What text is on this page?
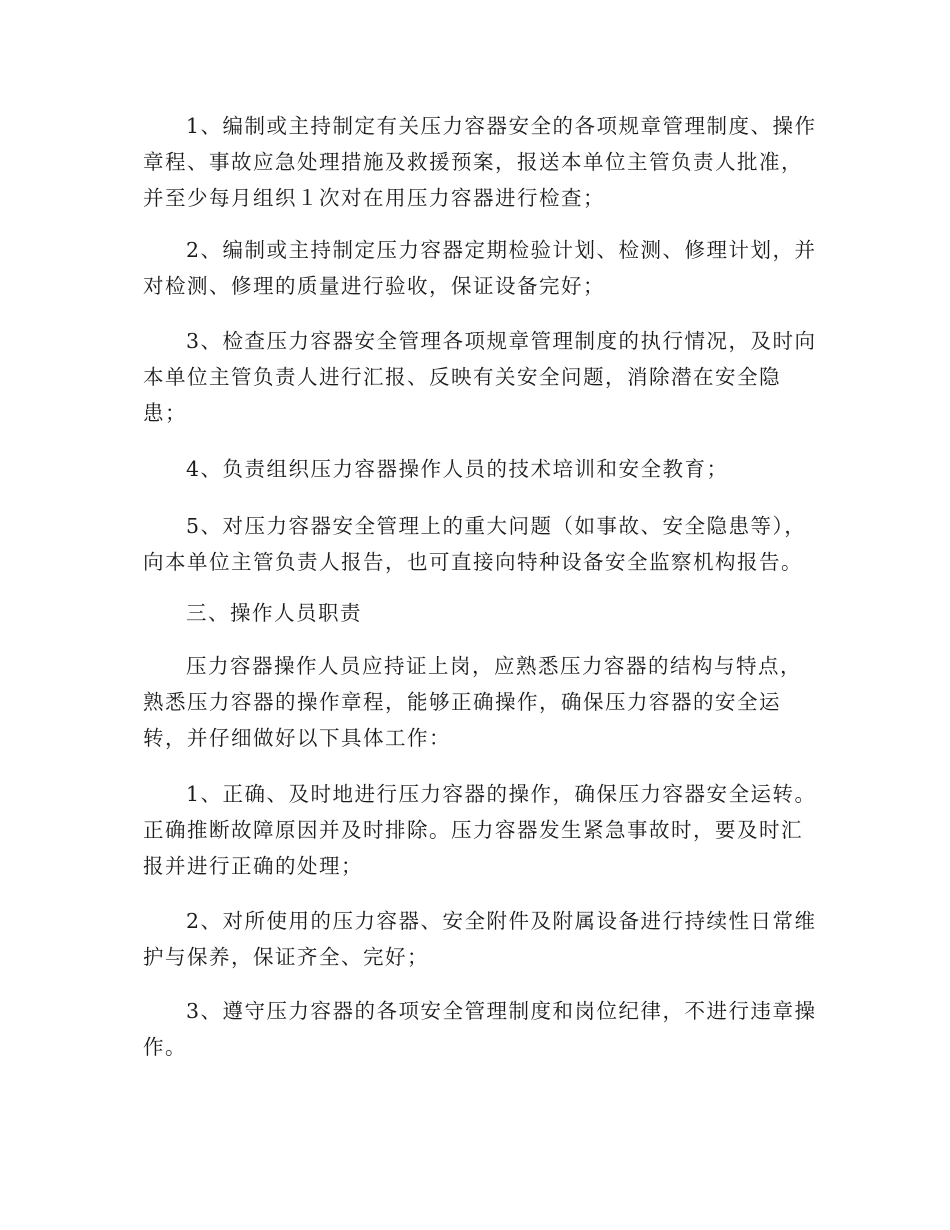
1、编制或主持制定有关压力容器安全的各项规章管理制度、操作
章程、事故应急处理措施及救援预案，报送本单位主管负责人批准，
并至少每月组织１次对在用压力容器进行检查；

2、编制或主持制定压力容器定期检验计划、检测、修理计划，并
对检测、修理的质量进行验收，保证设备完好；

3、检查压力容器安全管理各项规章管理制度的执行情况，及时向
本单位主管负责人进行汇报、反映有关安全问题，消除潜在安全隐
患；

4、负责组织压力容器操作人员的技术培训和安全教育；

5、对压力容器安全管理上的重大问题（如事故、安全隐患等），
向本单位主管负责人报告，也可直接向特种设备安全监察机构报告。

三、操作人员职责

压力容器操作人员应持证上岗，应熟悉压力容器的结构与特点，
熟悉压力容器的操作章程，能够正确操作，确保压力容器的安全运
转，并仔细做好以下具体工作：

1、正确、及时地进行压力容器的操作，确保压力容器安全运转。
正确推断故障原因并及时排除。压力容器发生紧急事故时，要及时汇
报并进行正确的处理；

2、对所使用的压力容器、安全附件及附属设备进行持续性日常维
护与保养，保证齐全、完好；

3、遵守压力容器的各项安全管理制度和岗位纪律，不进行违章操
作。
